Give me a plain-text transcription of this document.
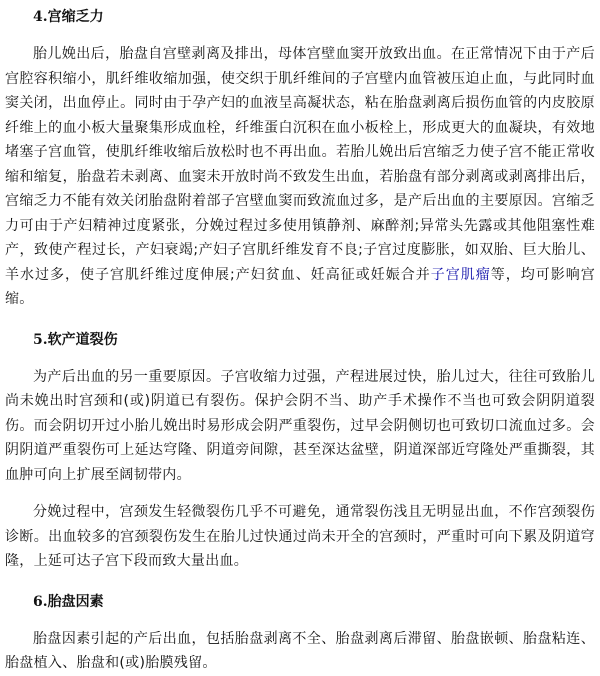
4.宫缩乏力

胎儿娩出后，胎盘自宫壁剥离及排出，母体宫壁血窦开放致出血。在正常情况下由于产后宫腔容积缩小，肌纤维收缩加强，使交织于肌纤维间的子宫壁内血管被压迫止血，与此同时血窦关闭，出血停止。同时由于孕产妇的血液呈高凝状态，粘在胎盘剥离后损伤血管的内皮胶原纤维上的血小板大量聚集形成血栓，纤维蛋白沉积在血小板栓上，形成更大的血凝块，有效地堵塞子宫血管，使肌纤维收缩后放松时也不再出血。若胎儿娩出后宫缩乏力使子宫不能正常收缩和缩复，胎盘若未剥离、血窦未开放时尚不致发生出血，若胎盘有部分剥离或剥离排出后，宫缩乏力不能有效关闭胎盘附着部子宫壁血窦而致流血过多，是产后出血的主要原因。宫缩乏力可由于产妇精神过度紧张，分娩过程过多使用镇静剂、麻醉剂;异常头先露或其他阻塞性难产，致使产程过长，产妇衰竭;产妇子宫肌纤维发育不良;子宫过度膨胀，如双胎、巨大胎儿、羊水过多，使子宫肌纤维过度伸展;产妇贫血、妊高征或妊娠合并子宫肌瘤等，均可影响宫缩。

5.软产道裂伤

为产后出血的另一重要原因。子宫收缩力过强，产程进展过快，胎儿过大，往往可致胎儿尚未娩出时宫颈和(或)阴道已有裂伤。保护会阴不当、助产手术操作不当也可致会阴阴道裂伤。而会阴切开过小胎儿娩出时易形成会阴严重裂伤，过早会阴侧切也可致切口流血过多。会阴阴道严重裂伤可上延达穹隆、阴道旁间隙，甚至深达盆壁，阴道深部近穹隆处严重撕裂，其血肿可向上扩展至阔韧带内。

分娩过程中，宫颈发生轻微裂伤几乎不可避免，通常裂伤浅且无明显出血，不作宫颈裂伤诊断。出血较多的宫颈裂伤发生在胎儿过快通过尚未开全的宫颈时，严重时可向下累及阴道穹隆，上延可达子宫下段而致大量出血。

6.胎盘因素

胎盘因素引起的产后出血，包括胎盘剥离不全、胎盘剥离后滞留、胎盘嵌顿、胎盘粘连、胎盘植入、胎盘和(或)胎膜残留。
